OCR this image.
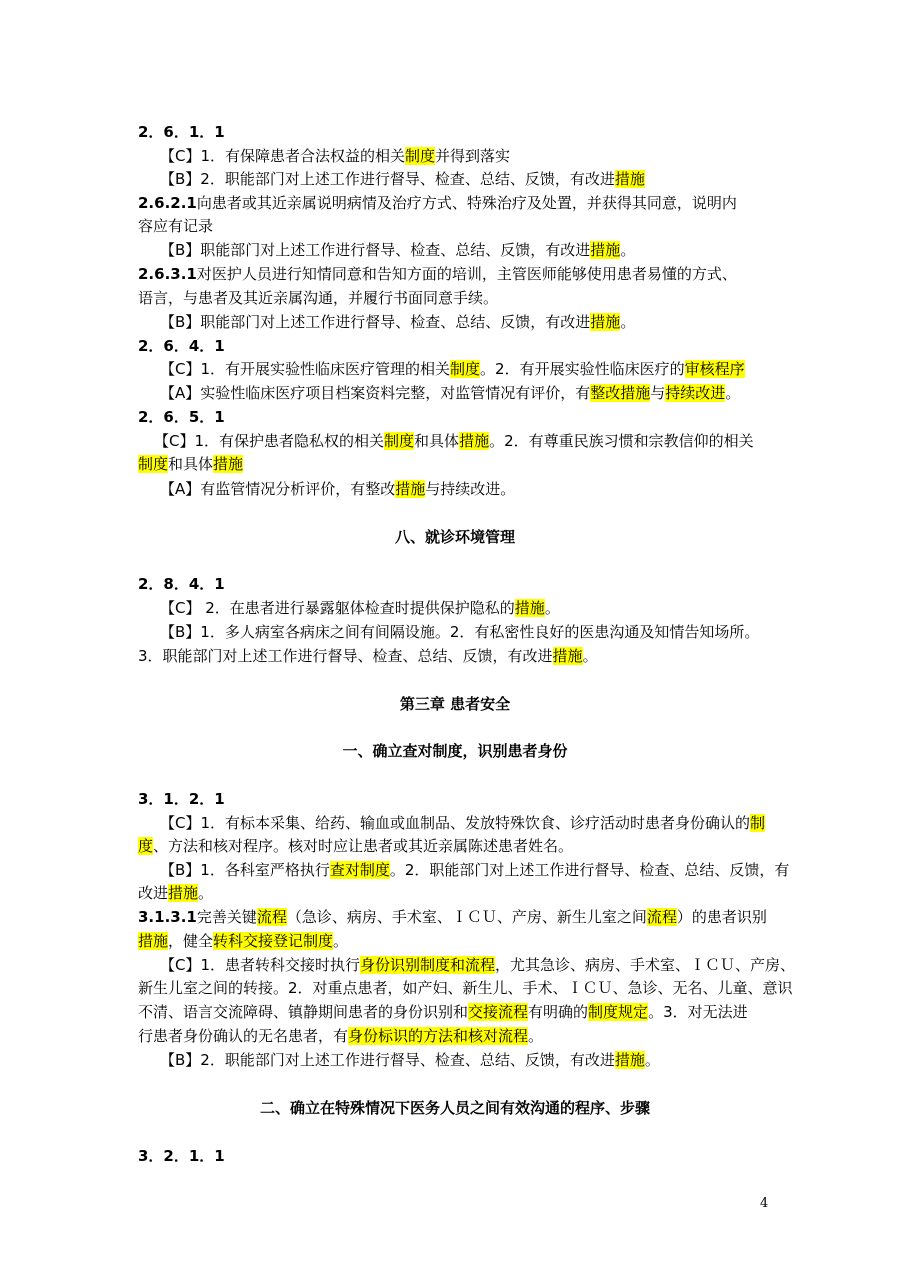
2．6．1．1
【C】1．有保障患者合法权益的相关制度并得到落实
【B】2．职能部门对上述工作进行督导、检查、总结、反馈，有改进措施
2.6.2.1向患者或其近亲属说明病情及治疗方式、特殊治疗及处置，并获得其同意，说明内
容应有记录
【B】职能部门对上述工作进行督导、检查、总结、反馈，有改进措施。
2.6.3.1对医护人员进行知情同意和告知方面的培训，主管医师能够使用患者易懂的方式、
语言，与患者及其近亲属沟通，并履行书面同意手续。
【B】职能部门对上述工作进行督导、检查、总结、反馈，有改进措施。
2．6．4．1
【C】1．有开展实验性临床医疗管理的相关制度。2．有开展实验性临床医疗的审核程序
【A】实验性临床医疗项目档案资料完整，对监管情况有评价，有整改措施与持续改进。
2．6．5．1
【C】1．有保护患者隐私权的相关制度和具体措施。2．有尊重民族习惯和宗教信仰的相关
制度和具体措施
【A】有监管情况分析评价，有整改措施与持续改进。
八、就诊环境管理
2．8．4．1
【C】 2．在患者进行暴露躯体检查时提供保护隐私的措施。
【B】1．多人病室各病床之间有间隔设施。2．有私密性良好的医患沟通及知情告知场所。
3．职能部门对上述工作进行督导、检查、总结、反馈，有改进措施。
第三章 患者安全
一、确立查对制度，识别患者身份
3．1．2．1
【C】1．有标本采集、给药、输血或血制品、发放特殊饮食、诊疗活动时患者身份确认的制
度、方法和核对程序。核对时应让患者或其近亲属陈述患者姓名。
【B】1．各科室严格执行查对制度。2．职能部门对上述工作进行督导、检查、总结、反馈，有
改进措施。
3.1.3.1完善关键流程（急诊、病房、手术室、ＩＣＵ、产房、新生儿室之间流程）的患者识别
措施，健全转科交接登记制度。
【C】1．患者转科交接时执行身份识别制度和流程，尤其急诊、病房、手术室、ＩＣＵ、产房、
新生儿室之间的转接。2．对重点患者，如产妇、新生儿、手术、ＩＣＵ、急诊、无名、儿童、意识
不清、语言交流障碍、镇静期间患者的身份识别和交接流程有明确的制度规定。3．对无法进
行患者身份确认的无名患者，有身份标识的方法和核对流程。
【B】2．职能部门对上述工作进行督导、检查、总结、反馈，有改进措施。
二、确立在特殊情况下医务人员之间有效沟通的程序、步骤
3．2．1．1
4
